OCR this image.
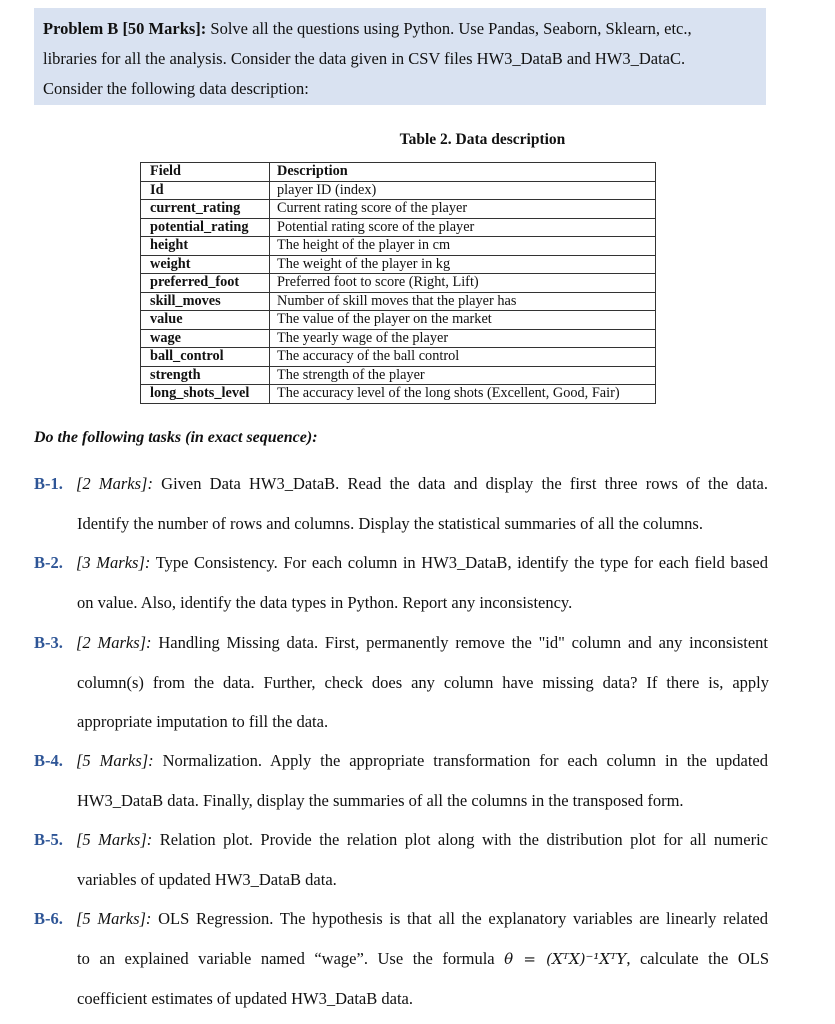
Problem B [50 Marks]: Solve all the questions using Python. Use Pandas, Seaborn, Sklearn, etc.,
libraries for all the analysis. Consider the data given in CSV files HW3_DataB and HW3_DataC.
Consider the following data description:
Table 2. Data description
Field	Description
Id	player ID (index)
current_rating	Current rating score of the player
potential_rating	Potential rating score of the player
height	The height of the player in cm
weight	The weight of the player in kg
preferred_foot	Preferred foot to score (Right, Lift)
skill_moves	Number of skill moves that the player has
value	The value of the player on the market
wage	The yearly wage of the player
ball_control	The accuracy of the ball control
strength	The strength of the player
long_shots_level	The accuracy level of the long shots (Excellent, Good, Fair)
Do the following tasks (in exact sequence):
B-1. [2 Marks]: Given Data HW3_DataB. Read the data and display the first three rows of the data.
Identify the number of rows and columns. Display the statistical summaries of all the columns.
B-2. [3 Marks]: Type Consistency. For each column in HW3_DataB, identify the type for each field based
on value. Also, identify the data types in Python. Report any inconsistency.
B-3. [2 Marks]: Handling Missing data. First, permanently remove the "id" column and any inconsistent
column(s) from the data. Further, check does any column have missing data? If there is, apply
appropriate imputation to fill the data.
B-4. [5 Marks]: Normalization. Apply the appropriate transformation for each column in the updated
HW3_DataB data. Finally, display the summaries of all the columns in the transposed form.
B-5. [5 Marks]: Relation plot. Provide the relation plot along with the distribution plot for all numeric
variables of updated HW3_DataB data.
B-6. [5 Marks]: OLS Regression. The hypothesis is that all the explanatory variables are linearly related
to an explained variable named “wage”. Use the formula θ = (XᵀX)⁻¹XᵀY, calculate the OLS
coefficient estimates of updated HW3_DataB data.
